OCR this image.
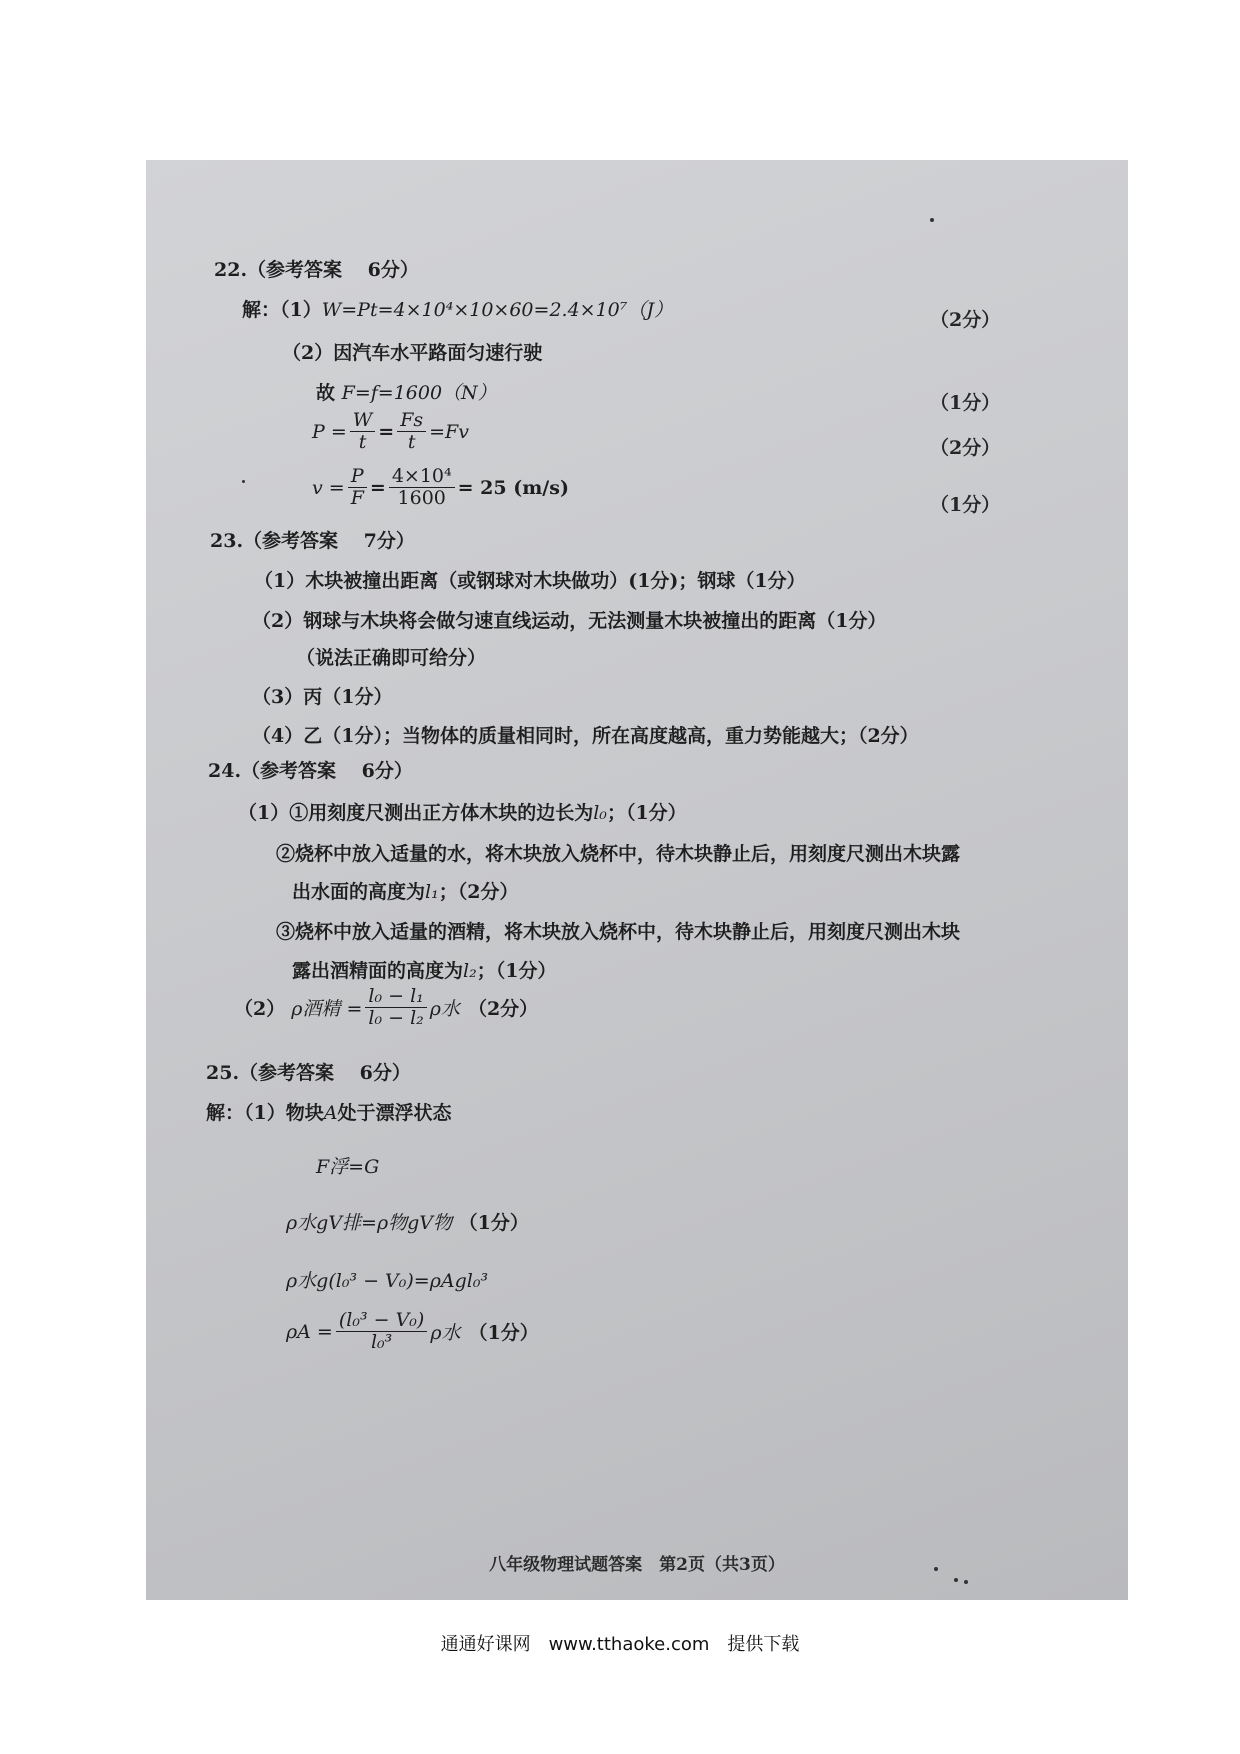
22.（参考答案　 6分）
解：（1）W=Pt=4×10⁴×10×60=2.4×10⁷（J）	（2分）
（2）因汽车水平路面匀速行驶
故 F=f=1600（N）	（1分）
$P = \frac{W}{t} = \frac{Fs}{t} =Fv$
（2分）
$v = \frac{P}{F} = \frac{\text{4×10⁴}}{1600} = 25$ (m/s)
（1分）
23.（参考答案　 7分）
（1）木块被撞出距离（或钢球对木块做功）(1分)；钢球（1分）
（2）钢球与木块将会做匀速直线运动，无法测量木块被撞出的距离（1分）
（说法正确即可给分）
（3）丙（1分）
（4）乙（1分）；当物体的质量相同时，所在高度越高，重力势能越大；（2分）
24.（参考答案　 6分）
（1）①用刻度尺测出正方体木块的边长为l₀；（1分）
②烧杯中放入适量的水，将木块放入烧杯中，待木块静止后，用刻度尺测出木块露
出水面的高度为l₁；（2分）
③烧杯中放入适量的酒精，将木块放入烧杯中，待木块静止后，用刻度尺测出木块
露出酒精面的高度为l₂；（1分）
（2） ρ酒精 = $\frac{\text{l₀ − l₁}}{\text{l₀ − l₂}}$ ρ水 （2分）
25.（参考答案　 6分）
解：（1）物块A处于漂浮状态
F浮=G
ρ水gV排=ρ物gV物 （1分）
ρ水g(l₀³ − V₀)=ρAgl₀³
$\rho A = \frac{\text{(l₀³ − V₀)}}{\text{l₀³}}$ ρ水 （1分）
八年级物理试题答案　第2页（共3页）
通通好课网　www.tthaoke.com　提供下载
